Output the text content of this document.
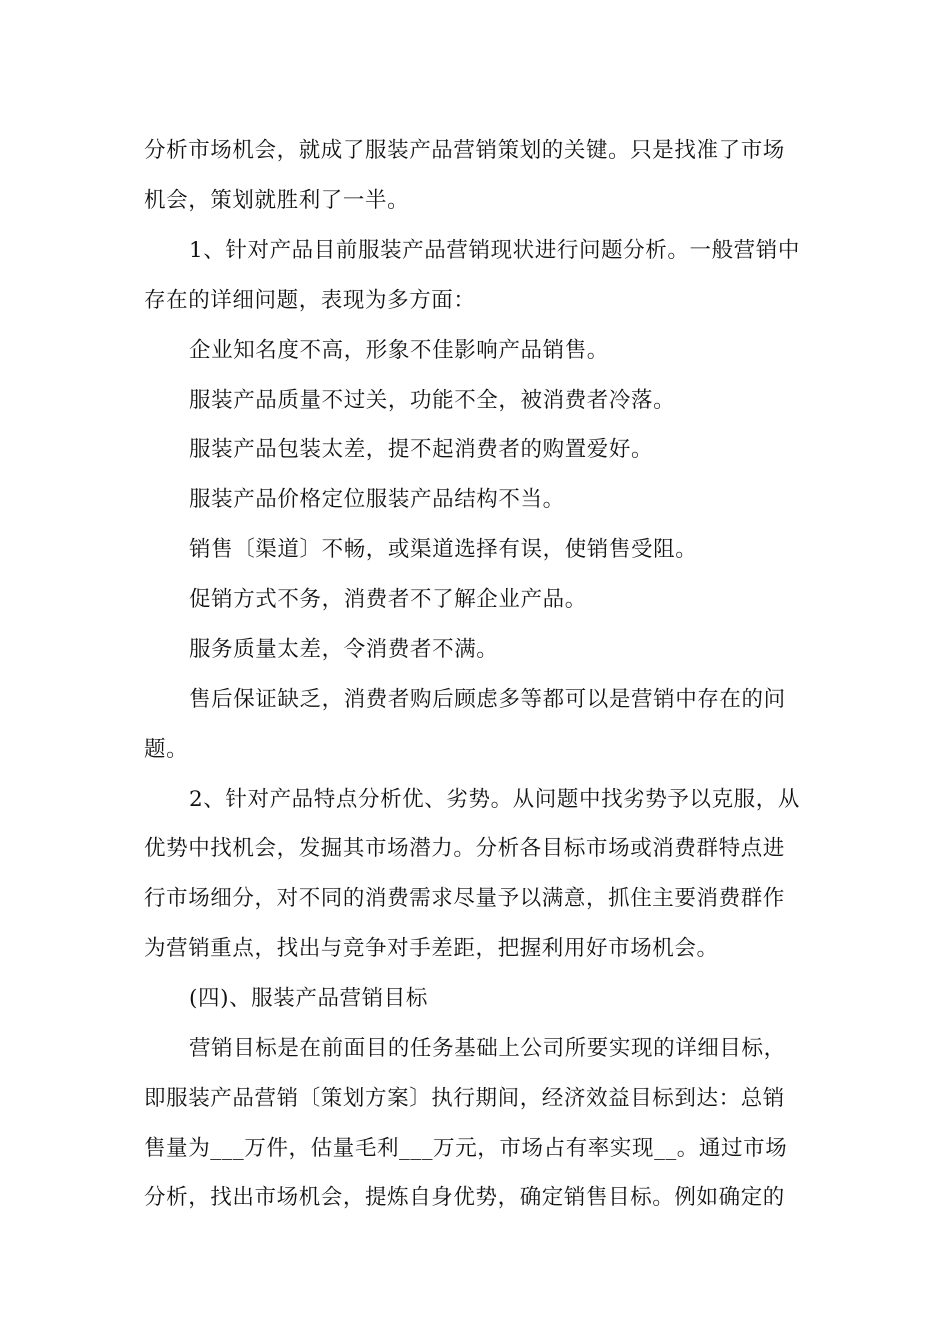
分析市场机会，就成了服装产品营销策划的关键。只是找准了市场
机会，策划就胜利了一半。
1、针对产品目前服装产品营销现状进行问题分析。一般营销中
存在的详细问题，表现为多方面：
企业知名度不高，形象不佳影响产品销售。
服装产品质量不过关，功能不全，被消费者冷落。
服装产品包装太差，提不起消费者的购置爱好。
服装产品价格定位服装产品结构不当。
销售〔渠道〕不畅，或渠道选择有误，使销售受阻。
促销方式不务，消费者不了解企业产品。
服务质量太差，令消费者不满。
售后保证缺乏，消费者购后顾虑多等都可以是营销中存在的问
题。
2、针对产品特点分析优、劣势。从问题中找劣势予以克服，从
优势中找机会，发掘其市场潜力。分析各目标市场或消费群特点进
行市场细分，对不同的消费需求尽量予以满意，抓住主要消费群作
为营销重点，找出与竞争对手差距，把握利用好市场机会。
(四)、服装产品营销目标
营销目标是在前面目的任务基础上公司所要实现的详细目标，
即服装产品营销〔策划方案〕执行期间，经济效益目标到达：总销
售量为___万件，估量毛利___万元，市场占有率实现__。通过市场
分析，找出市场机会，提炼自身优势，确定销售目标。例如确定的
